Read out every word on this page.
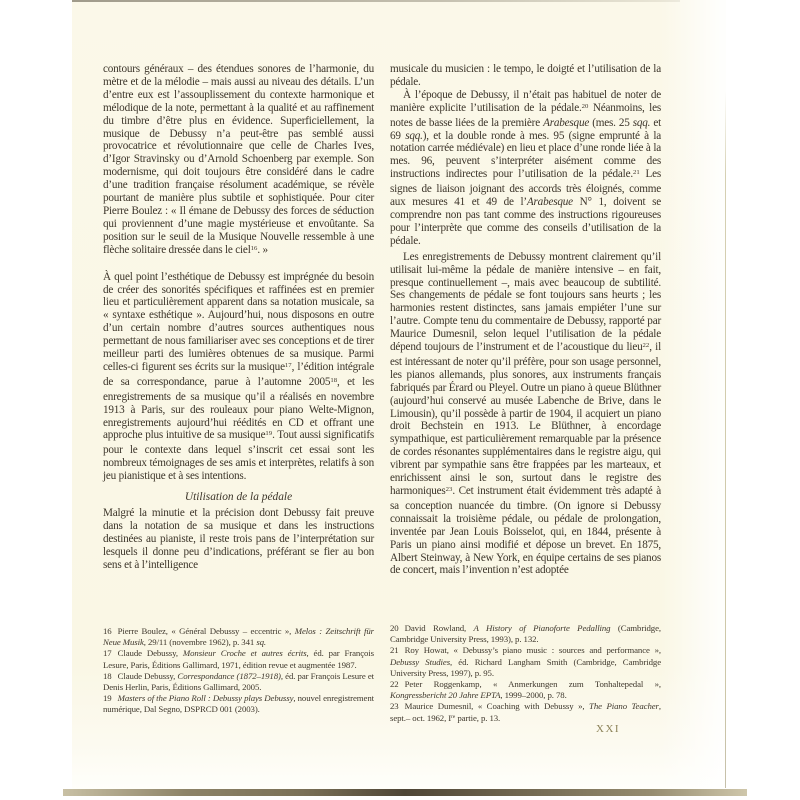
contours généraux – des étendues sonores de l’harmonie, du mètre et de la mélodie – mais aussi au niveau des détails. L’un d’entre eux est l’assouplissement du contexte harmonique et mélodique de la note, permettant à la qualité et au raffinement du timbre d’être plus en évidence. Superficiellement, la musique de Debussy n’a peut-être pas semblé aussi provocatrice et révolutionnaire que celle de Charles Ives, d’Igor Stravinsky ou d’Arnold Schoenberg par exemple. Son modernisme, qui doit toujours être considéré dans le cadre d’une tradition française résolument académique, se révèle pourtant de manière plus subtile et sophistiquée. Pour citer Pierre Boulez : « Il émane de Debussy des forces de séduction qui proviennent d’une magie mystérieuse et envoûtante. Sa position sur le seuil de la Musique Nouvelle ressemble à une flèche solitaire dressée dans le ciel$^{16}$. »

À quel point l’esthétique de Debussy est imprégnée du besoin de créer des sonorités spécifiques et raffinées est en premier lieu et particulièrement apparent dans sa notation musicale, sa « syntaxe esthétique ». Aujourd’hui, nous disposons en outre d’un certain nombre d’autres sources authentiques nous permettant de nous familiariser avec ses conceptions et de tirer meilleur parti des lumières obtenues de sa musique. Parmi celles-ci figurent ses écrits sur la musique$^{17}$, l’édition intégrale de sa correspondance, parue à l’automne 2005$^{18}$, et les enregistrements de sa musique qu’il a réalisés en novembre 1913 à Paris, sur des rouleaux pour piano Welte-Mignon, enregistrements aujourd’hui réédités en CD et offrant une approche plus intuitive de sa musique$^{19}$. Tout aussi significatifs pour le contexte dans lequel s’inscrit cet essai sont les nombreux témoignages de ses amis et interprètes, relatifs à son jeu pianistique et à ses intentions.

Utilisation de la pédale

Malgré la minutie et la précision dont Debussy fait preuve dans la notation de sa musique et dans les instructions destinées au pianiste, il reste trois pans de l’interprétation sur lesquels il donne peu d’indications, préférant se fier au bon sens et à l’intelligence

musicale du musicien : le tempo, le doigté et l’utilisation de la pédale.

À l’époque de Debussy, il n’était pas habituel de noter de manière explicite l’utilisation de la pédale.$^{20}$ Néanmoins, les notes de basse liées de la première Arabesque (mes. 25 sqq. et 69 sqq.), et la double ronde à mes. 95 (signe emprunté à la notation carrée médiévale) en lieu et place d’une ronde liée à la mes. 96, peuvent s’interpréter aisément comme des instructions indirectes pour l’utilisation de la pédale.$^{21}$ Les signes de liaison joignant des accords très éloignés, comme aux mesures 41 et 49 de l’Arabesque N° 1, doivent se comprendre non pas tant comme des instructions rigoureuses pour l’interprète que comme des conseils d’utilisation de la pédale.

Les enregistrements de Debussy montrent clairement qu’il utilisait lui-même la pédale de manière intensive – en fait, presque continuellement –, mais avec beaucoup de subtilité. Ses changements de pédale se font toujours sans heurts ; les harmonies restent distinctes, sans jamais empiéter l’une sur l’autre. Compte tenu du commentaire de Debussy, rapporté par Maurice Dumesnil, selon lequel l’utilisation de la pédale dépend toujours de l’instrument et de l’acoustique du lieu$^{22}$, il est intéressant de noter qu’il préfère, pour son usage personnel, les pianos allemands, plus sonores, aux instruments français fabriqués par Érard ou Pleyel. Outre un piano à queue Blüthner (aujourd’hui conservé au musée Labenche de Brive, dans le Limousin), qu’il possède à partir de 1904, il acquiert un piano droit Bechstein en 1913. Le Blüthner, à encordage sympathique, est particulièrement remarquable par la présence de cordes résonantes supplémentaires dans le registre aigu, qui vibrent par sympathie sans être frappées par les marteaux, et enrichissent ainsi le son, surtout dans le registre des harmoniques$^{23}$. Cet instrument était évidemment très adapté à sa conception nuancée du timbre. (On ignore si Debussy connaissait la troisième pédale, ou pédale de prolongation, inventée par Jean Louis Boisselot, qui, en 1844, présente à Paris un piano ainsi modifié et dépose un brevet. En 1875, Albert Steinway, à New York, en équipe certains de ses pianos de concert, mais l’invention n’est adoptée

16 Pierre Boulez, « Général Debussy – eccentric », Melos : Zeitschrift für Neue Musik, 29/11 (novembre 1962), p. 341 sq.

17 Claude Debussy, Monsieur Croche et autres écrits, éd. par François Lesure, Paris, Éditions Gallimard, 1971, édition revue et augmentée 1987.

18 Claude Debussy, Correspondance (1872–1918), éd. par François Lesure et Denis Herlin, Paris, Éditions Gallimard, 2005.

19 Masters of the Piano Roll : Debussy plays Debussy, nouvel enregistrement numérique, Dal Segno, DSPRCD 001 (2003).

20 David Rowland, A History of Pianoforte Pedalling (Cambridge, Cambridge University Press, 1993), p. 132.

21 Roy Howat, « Debussy’s piano music : sources and performance », Debussy Studies, éd. Richard Langham Smith (Cambridge, Cambridge University Press, 1997), p. 95.

22 Peter Roggenkamp, « Anmerkungen zum Tonhaltepedal », Kongressbericht 20 Jahre EPTA, 1999–2000, p. 78.

23 Maurice Dumesnil, « Coaching with Debussy », The Piano Teacher, sept.– oct. 1962, Ire partie, p. 13.

XXI
